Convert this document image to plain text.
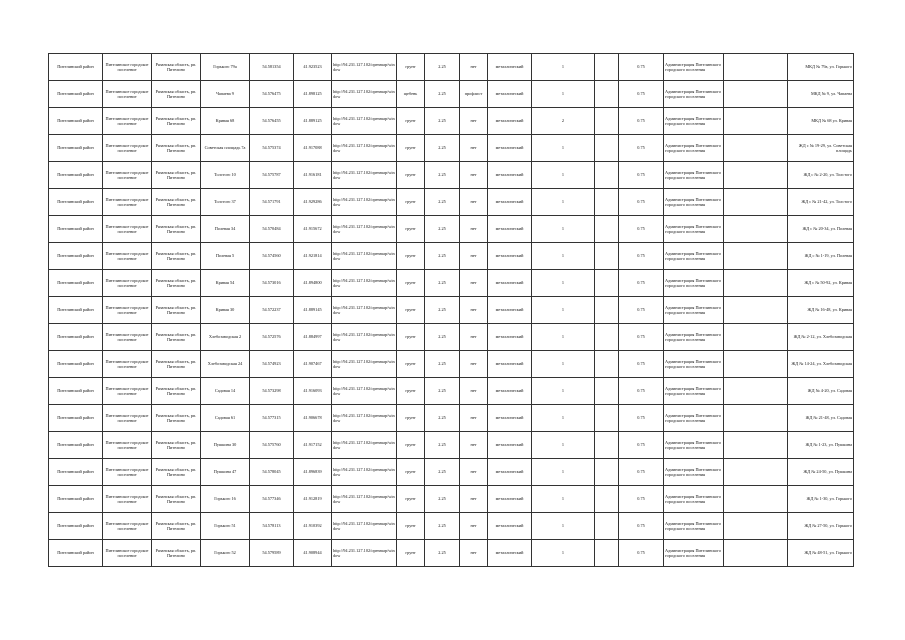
Пителинский район	Пителинское городское поселение	Рязанская область, рп. Пителино	Горького 79а	54.581354	41.923523	http://94.231.127.102/openmap/window	грунт	2.25	нет	металлический	1		0.75	Администрация Пителинского городского поселения		МКД № 79а, ул. Горького
Пителинский район	Пителинское городское поселение	Рязанская область, рп. Пителино	Чапаева 9	54.576475	41.898125	http://94.231.127.102/openmap/window	щебень	2.25	профлист	металлический	1		0.75	Администрация Пителинского городского поселения		МКД № 9, ул. Чапаева
Пителинский район	Пителинское городское поселение	Рязанская область, рп. Пителино	Кривая 68	54.576455	41.889125	http://94.231.127.102/openmap/window	грунт	2.25	нет	металлический	2		0.75	Администрация Пителинского городского поселения		МКД № 68 ул. Кривая
Пителинский район	Пителинское городское поселение	Рязанская область, рп. Пителино	Советская площадь 7а	54.575374	41.917088	http://94.231.127.102/openmap/window	грунт	2.25	нет	металлический	1		0.75	Администрация Пителинского городского поселения		ЖД с № 19-29, ул. Советская площадь
Пителинский район	Пителинское городское поселение	Рязанская область, рп. Пителино	Толстого 10	54.575787	41.916181	http://94.231.127.102/openmap/window	грунт	2.25	нет	металлический	1		0.75	Администрация Пителинского городского поселения		ЖД с № 2-20, ул. Толстого
Пителинский район	Пителинское городское поселение	Рязанская область, рп. Пителино	Толстого 37	54.571791	41.929286	http://94.231.127.102/openmap/window	грунт	2.25	нет	металлический	1		0.75	Администрация Пителинского городского поселения		ЖД с № 21-42, ул. Толстого
Пителинский район	Пителинское городское поселение	Рязанская область, рп. Пителино	Полевая 34	54.570484	41.915672	http://94.231.127.102/openmap/window	грунт	2.25	нет	металлический	1		0.75	Администрация Пителинского городского поселения		ЖД с № 20-34, ул. Полевая
Пителинский район	Пителинское городское поселение	Рязанская область, рп. Пителино	Полевая 5	54.574560	41.921814	http://94.231.127.102/openmap/window	грунт	2.25	нет	металлический	1		0.75	Администрация Пителинского городского поселения		ЖД с № 1-19, ул. Полевая
Пителинский район	Пителинское городское поселение	Рязанская область, рп. Пителино	Кривая 54	54.573016	41.894800	http://94.231.127.102/openmap/window	грунт	2.25	нет	металлический	1		0.75	Администрация Пителинского городского поселения		ЖД с № 50-92, ул. Кривая
Пителинский район	Пителинское городское поселение	Рязанская область, рп. Пителино	Кривая 30	54.572237	41.889145	http://94.231.127.102/openmap/window	грунт	2.25	нет	металлический	1		0.75	Администрация Пителинского городского поселения		ЖД № 16-48, ул. Кривая
Пителинский район	Пителинское городское поселение	Рязанская область, рп. Пителино	Хлебозаводская 2	54.572576	41.884997	http://94.231.127.102/openmap/window	грунт	2.25	нет	металлический	1		0.75	Администрация Пителинского городского поселения		ЖД № 2-12, ул. Хлебозаводская
Пителинский район	Пителинское городское поселение	Рязанская область, рп. Пителино	Хлебозаводская 24	54.574923	41.907467	http://94.231.127.102/openmap/window	грунт	2.25	нет	металлический	1		0.75	Администрация Пителинского городского поселения		ЖД № 14-24, ул. Хлебозаводская
Пителинский район	Пителинское городское поселение	Рязанская область, рп. Пителино	Садовая 14	54.573298	41.916093	http://94.231.127.102/openmap/window	грунт	2.25	нет	металлический	1		0.75	Администрация Пителинского городского поселения		ЖД № 4-20, ул. Садовая
Пителинский район	Пителинское городское поселение	Рязанская область, рп. Пителино	Садовая 61	54.577315	41.906678	http://94.231.127.102/openmap/window	грунт	2.25	нет	металлический	1		0.75	Администрация Пителинского городского поселения		ЖД № 21-48, ул. Садовая
Пителинский район	Пителинское городское поселение	Рязанская область, рп. Пителино	Пушкина 30	54.575760	41.917152	http://94.231.127.102/openmap/window	грунт	2.25	нет	металлический	1		0.75	Администрация Пителинского городского поселения		ЖД № 1-23, ул. Пушкина
Пителинский район	Пителинское городское поселение	Рязанская область, рп. Пителино	Пушкина 47	54.578045	41.896839	http://94.231.127.102/openmap/window	грунт	2.25	нет	металлический	1		0.75	Администрация Пителинского городского поселения		ЖД № 24-50, ул. Пушкина
Пителинский район	Пителинское городское поселение	Рязанская область, рп. Пителино	Горького 16	54.577346	41.912819	http://94.231.127.102/openmap/window	грунт	2.25	нет	металлический	1		0.75	Администрация Пителинского городского поселения		ЖД № 1-30, ул. Горького
Пителинский район	Пителинское городское поселение	Рязанская область, рп. Пителино	Горького 51	54.578113	41.910392	http://94.231.127.102/openmap/window	грунт	2.25	нет	металлический	1		0.75	Администрация Пителинского городского поселения		ЖД № 27-50, ул. Горького
Пителинский район	Пителинское городское поселение	Рязанская область, рп. Пителино	Горького 52	54.579589	41.908944	http://94.231.127.102/openmap/window	грунт	2.25	нет	металлический	1		0.75	Администрация Пителинского городского поселения		ЖД № 48-51, ул. Горького
